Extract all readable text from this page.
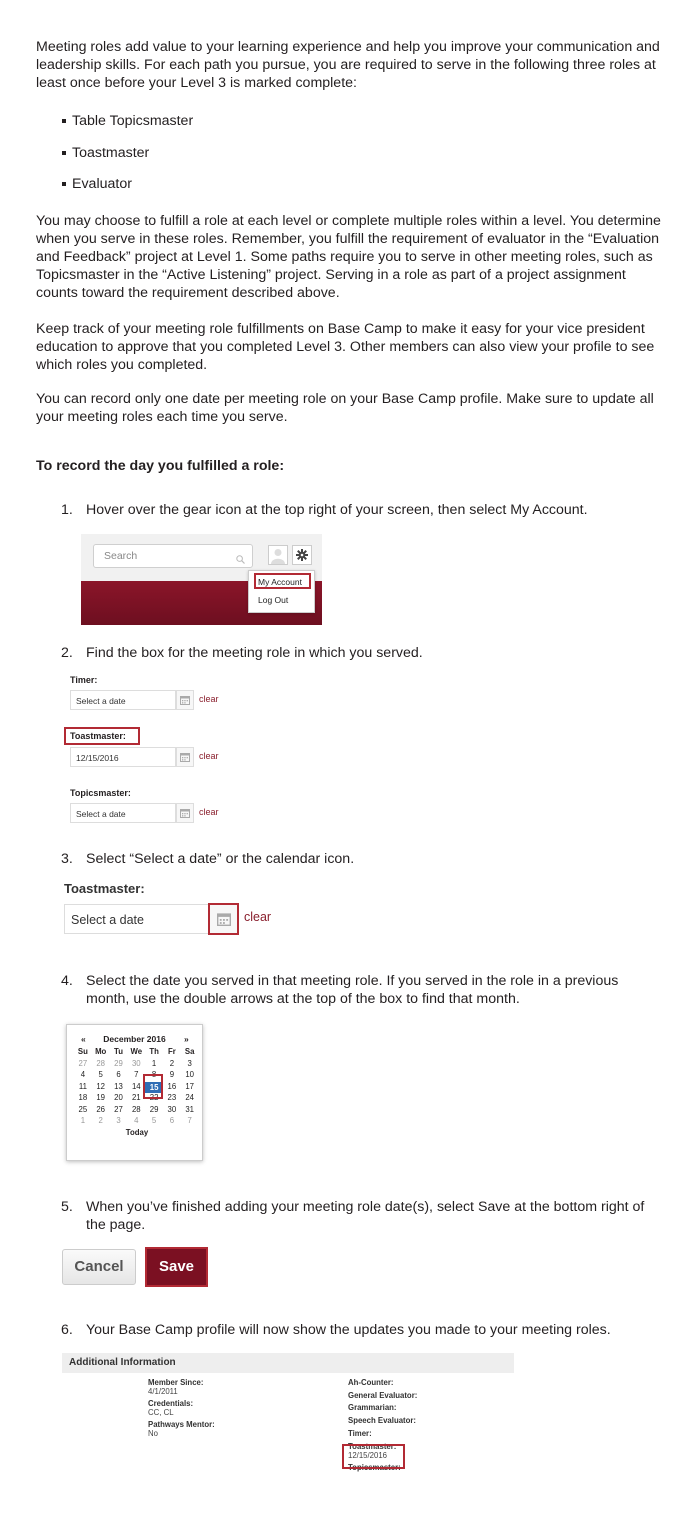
Meeting roles add value to your learning experience and help you improve your communication and leadership skills. For each path you pursue, you are required to serve in the following three roles at least once before your Level 3 is marked complete:

Table Topicsmaster
Toastmaster
Evaluator

You may choose to fulfill a role at each level or complete multiple roles within a level. You determine when you serve in these roles. Remember, you fulfill the requirement of evaluator in the “Evaluation and Feedback” project at Level 1. Some paths require you to serve in other meeting roles, such as Topicsmaster in the “Active Listening” project. Serving in a role as part of a project assignment counts toward the requirement described above.

Keep track of your meeting role fulfillments on Base Camp to make it easy for your vice president education to approve that you completed Level 3. Other members can also view your profile to see which roles you completed.

You can record only one date per meeting role on your Base Camp profile. Make sure to update all your meeting roles each time you serve.

To record the day you fulfilled a role:
1. Hover over the gear icon at the top right of your screen, then select My Account.
2. Find the box for the meeting role in which you served.
3. Select “Select a date” or the calendar icon.
4. Select the date you served in that meeting role. If you served in the role in a previous month, use the double arrows at the top of the box to find that month.
5. When you’ve finished adding your meeting role date(s), select Save at the bottom right of the page.
6. Your Base Camp profile will now show the updates you made to your meeting roles.
Search
My Account
Log Out
Timer:
Select a date	clear
Toastmaster:
12/15/2016	clear
Topicsmaster:
Select a date	clear
Toastmaster:
Select a date	clear
«	December 2016	»
Su Mo Tu We Th	Fr	Sa
27	28	29	30	1	2	3
4	5	6	7	8	9	10
11	12	13	14	15	16	17
18	19	20	21	22	23	24
25	26	27	28	29	30	31
1	2	3	4	5	6	7
Today
Cancel	Save
Additional Information
Member Since:
4/1/2011
Credentials:
CC, CL
Pathways Mentor:
No
Ah-Counter:
General Evaluator:
Grammarian:
Speech Evaluator:
Timer:
Toastmaster:
12/15/2016
Topicsmaster:
